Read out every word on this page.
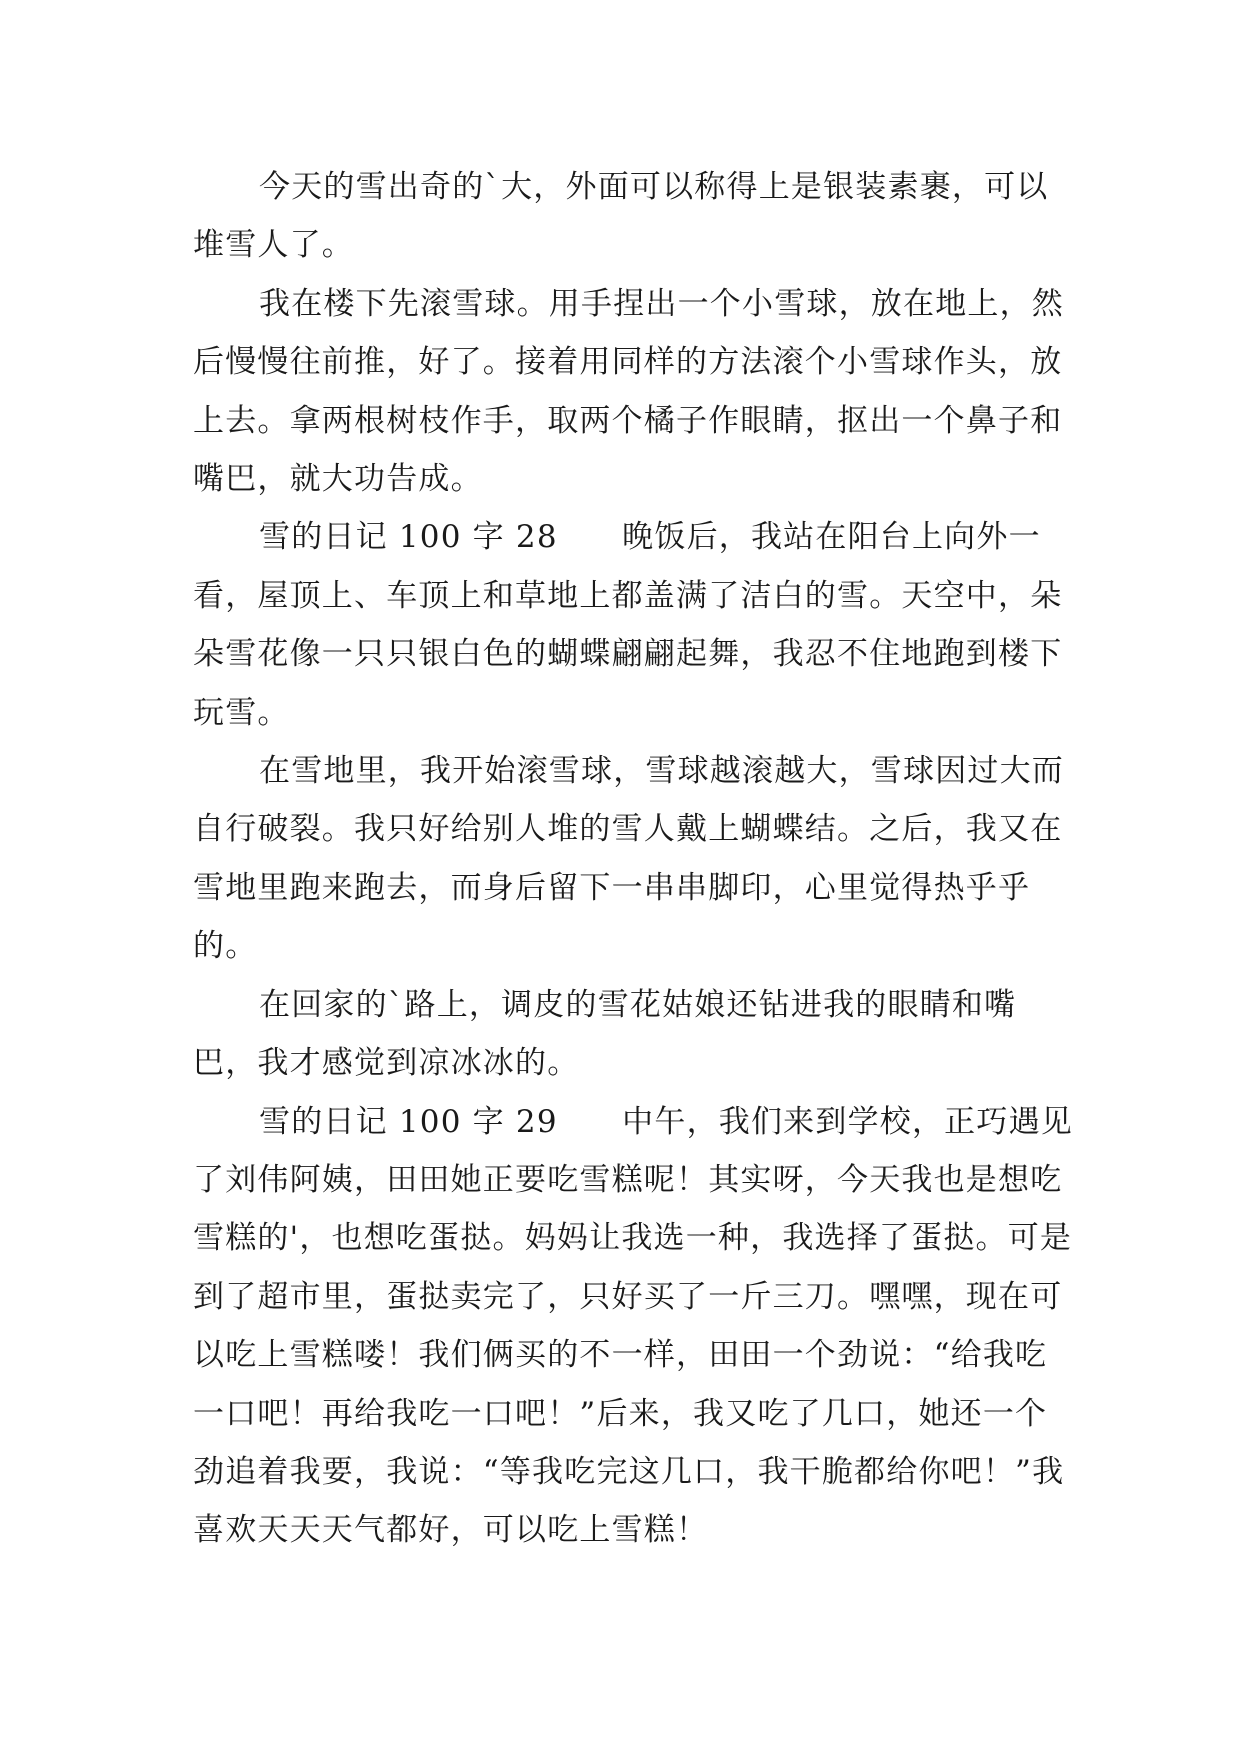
今天的雪出奇的`大，外面可以称得上是银装素裹，可以堆雪人了。

我在楼下先滚雪球。用手捏出一个小雪球，放在地上，然后慢慢往前推，好了。接着用同样的方法滚个小雪球作头，放上去。拿两根树枝作手，取两个橘子作眼睛，抠出一个鼻子和嘴巴，就大功告成。

雪的日记 100 字 28　　晚饭后，我站在阳台上向外一看，屋顶上、车顶上和草地上都盖满了洁白的雪。天空中，朵朵雪花像一只只银白色的蝴蝶翩翩起舞，我忍不住地跑到楼下玩雪。

在雪地里，我开始滚雪球，雪球越滚越大，雪球因过大而自行破裂。我只好给别人堆的雪人戴上蝴蝶结。之后，我又在雪地里跑来跑去，而身后留下一串串脚印，心里觉得热乎乎的。

在回家的`路上，调皮的雪花姑娘还钻进我的眼睛和嘴巴，我才感觉到凉冰冰的。

雪的日记 100 字 29　　中午，我们来到学校，正巧遇见了刘伟阿姨，田田她正要吃雪糕呢！其实呀，今天我也是想吃雪糕的'，也想吃蛋挞。妈妈让我选一种，我选择了蛋挞。可是到了超市里，蛋挞卖完了，只好买了一斤三刀。嘿嘿，现在可以吃上雪糕喽！我们俩买的不一样，田田一个劲说：“给我吃一口吧！再给我吃一口吧！”后来，我又吃了几口，她还一个劲追着我要，我说：“等我吃完这几口，我干脆都给你吧！”我喜欢天天天气都好，可以吃上雪糕！
